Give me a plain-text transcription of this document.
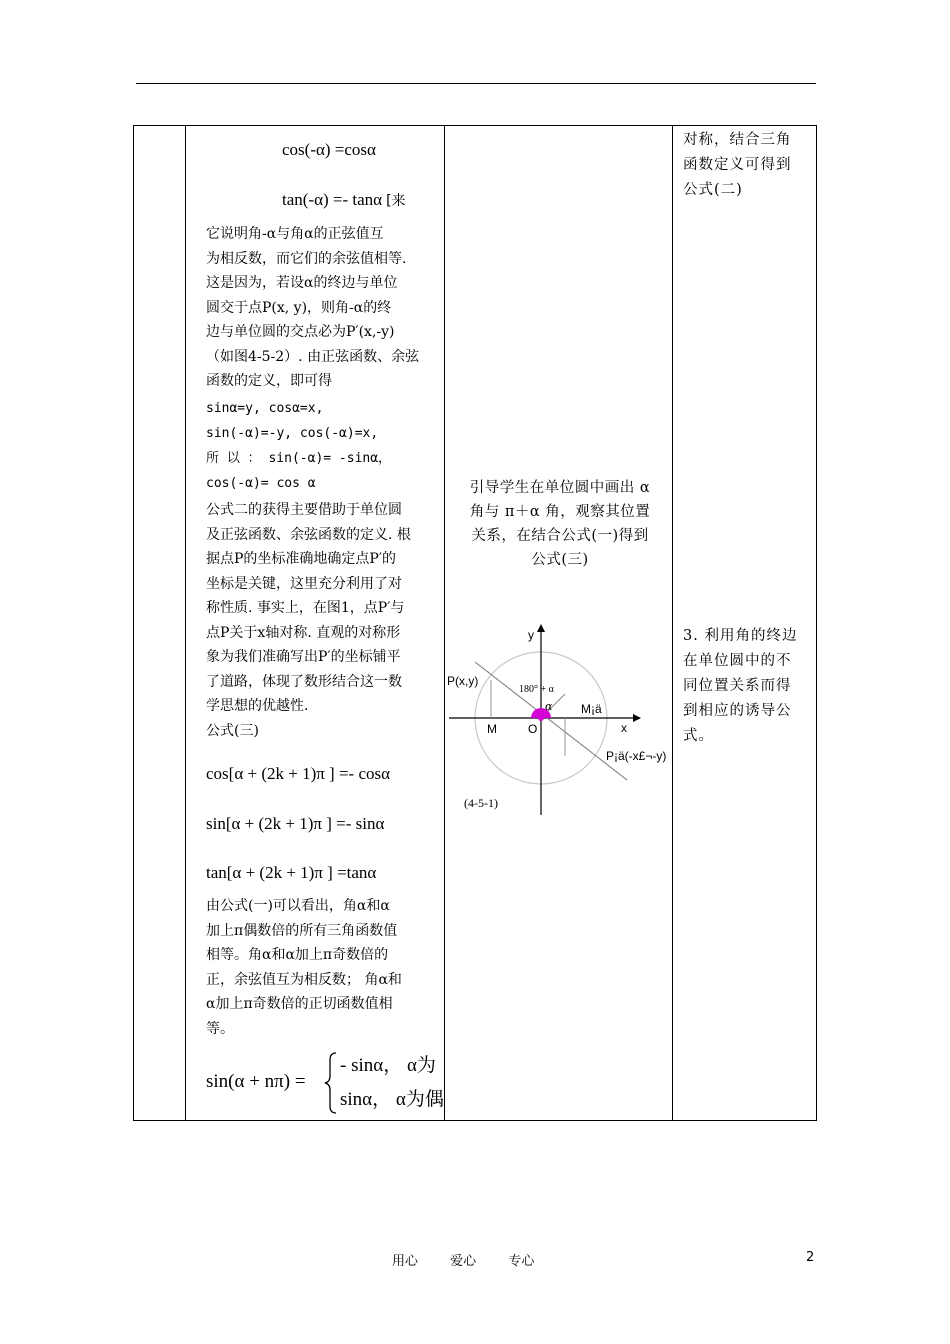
cos(-α) =cosα
tan(-α) =- tanα [来
它说明角-α与角α的正弦值互
为相反数，而它们的余弦值相等.
这是因为，若设α的终边与单位
圆交于点P(x, y)，则角-α的终
边与单位圆的交点必为P′(x,-y)
（如图4-5-2）. 由正弦函数、余弦
函数的定义，即可得
sinα=y, cosα=x,
sin(-α)=-y, cos(-α)=x,
所 以 ： sin(-α)= -sinα，
cos(-α)= cos α
公式二的获得主要借助于单位圆
及正弦函数、余弦函数的定义. 根
据点P的坐标准确地确定点P′的
坐标是关键，这里充分利用了对
称性质. 事实上，在图1，点P′与
点P关于x轴对称. 直观的对称形
象为我们准确写出P′的坐标铺平
了道路，体现了数形结合这一数
学思想的优越性.
公式(三)
cos[α + (2k + 1)π ] =- cosα
sin[α + (2k + 1)π ] =- sinα
tan[α + (2k + 1)π ] =tanα
由公式(一)可以看出，角α和α
加上π偶数倍的所有三角函数值
相等。角α和α加上π奇数倍的
正，余弦值互为相反数； 角α和
α加上π奇数倍的正切函数值相
等。
sin(α + nπ) =
- sinα， α为
sinα， α为偶
引导学生在单位圆中画出 α
角与 π＋α 角，观察其位置
关系，在结合公式(一)得到
公式(三)
y
x
P(x,y)
180° + α
α
M	O
M¡ä
P¡ä(-x£¬-y)
(4-5-1)
对称，结合三角
函数定义可得到
公式(二)
3. 利用角的终边
在单位圆中的不
同位置关系而得
到相应的诱导公
式。
用心 爱心 专心	2
